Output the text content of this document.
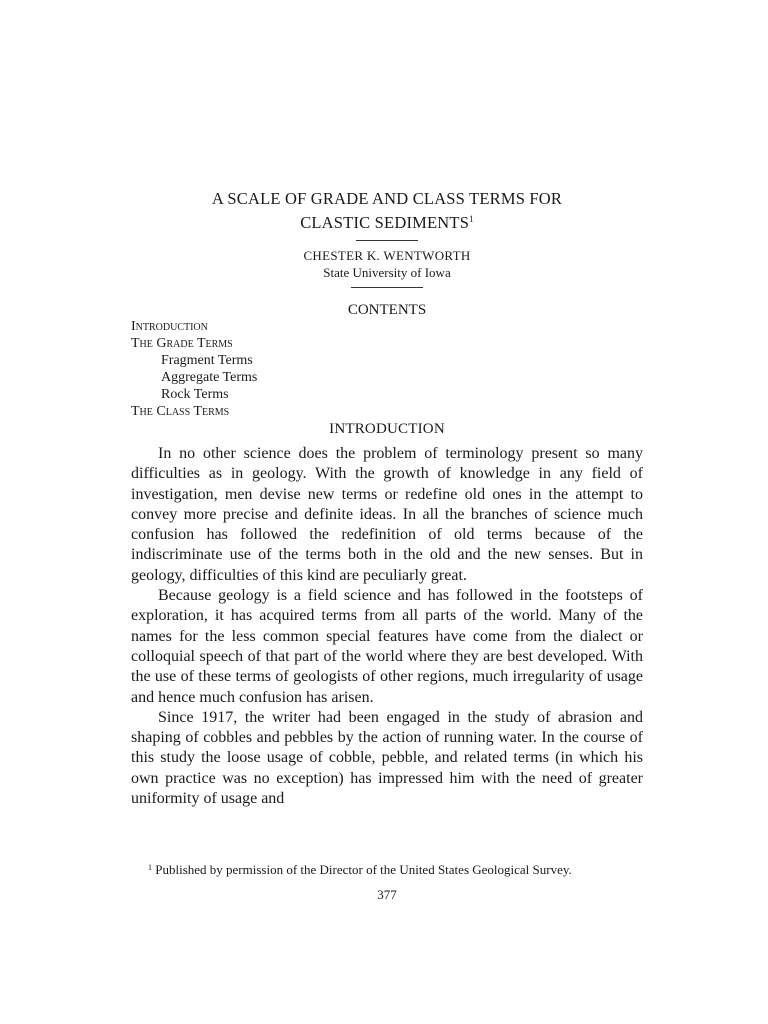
A SCALE OF GRADE AND CLASS TERMS FOR
CLASTIC SEDIMENTS$^1$
CHESTER K. WENTWORTH
State University of Iowa
CONTENTS
Introduction
The Grade Terms
Fragment Terms
Aggregate Terms
Rock Terms
The Class Terms
INTRODUCTION

In no other science does the problem of terminology present so many difficulties as in geology. With the growth of knowledge in any field of investigation, men devise new terms or redefine old ones in the attempt to convey more precise and definite ideas. In all the branches of science much confusion has followed the redefinition of old terms because of the indiscriminate use of the terms both in the old and the new senses. But in geology, difficulties of this kind are peculiarly great.

Because geology is a field science and has followed in the footsteps of exploration, it has acquired terms from all parts of the world. Many of the names for the less common special features have come from the dialect or colloquial speech of that part of the world where they are best developed. With the use of these terms of geologists of other regions, much irregularity of usage and hence much confusion has arisen.

Since 1917, the writer had been engaged in the study of abrasion and shaping of cobbles and pebbles by the action of running water. In the course of this study the loose usage of cobble, pebble, and related terms (in which his own practice was no exception) has impressed him with the need of greater uniformity of usage and

$^1$ Published by permission of the Director of the United States Geological Survey.
377
